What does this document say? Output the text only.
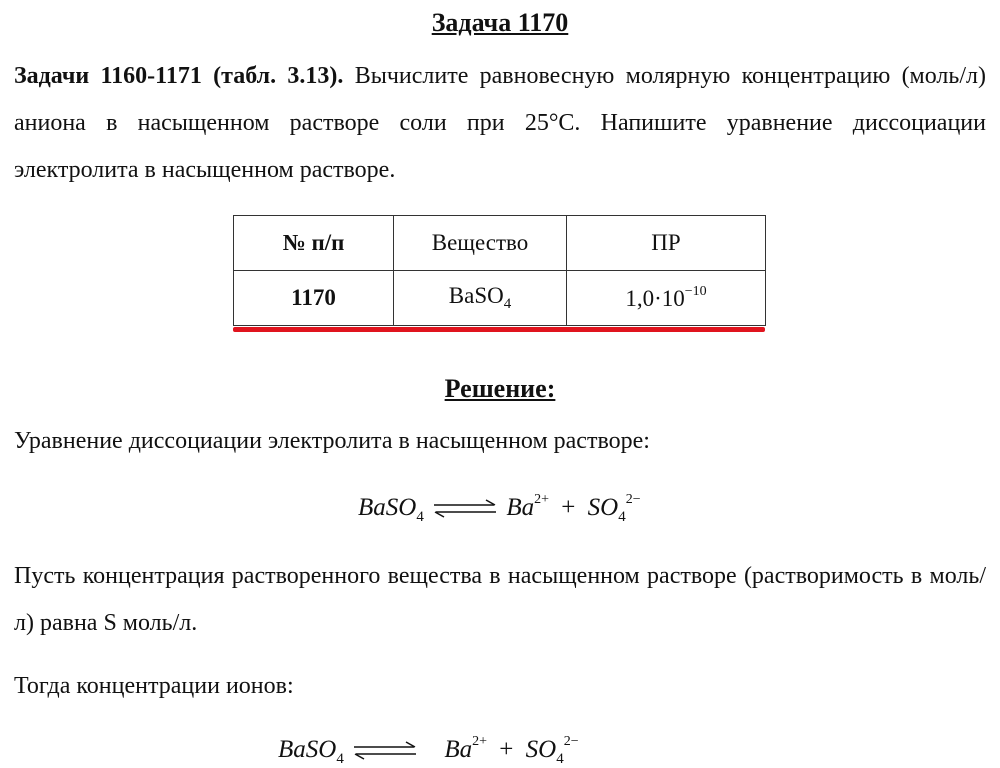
Задача 1170
Задачи 1160-1171 (табл. 3.13). Вычислите равновесную молярную концентрацию (моль/л) аниона в насыщенном растворе соли при 25°С. Напишите уравнение диссоциации электролита в насыщенном растворе.
№ п/п	Вещество	ПР
1170	BaSO$_4$	$1,0\cdot 10^{-10}$
Решение:
Уравнение диссоциации электролита в насыщенном растворе:
BaSO$_4$ ⇌ $Ba^{2+} + SO_4^{2-}$
Пусть концентрация растворенного вещества в насыщенном растворе (растворимость в моль/л) равна S моль/л.
Тогда концентрации ионов:
BaSO$_4$ ⇌ $Ba^{2+} + SO_4^{2-}$
